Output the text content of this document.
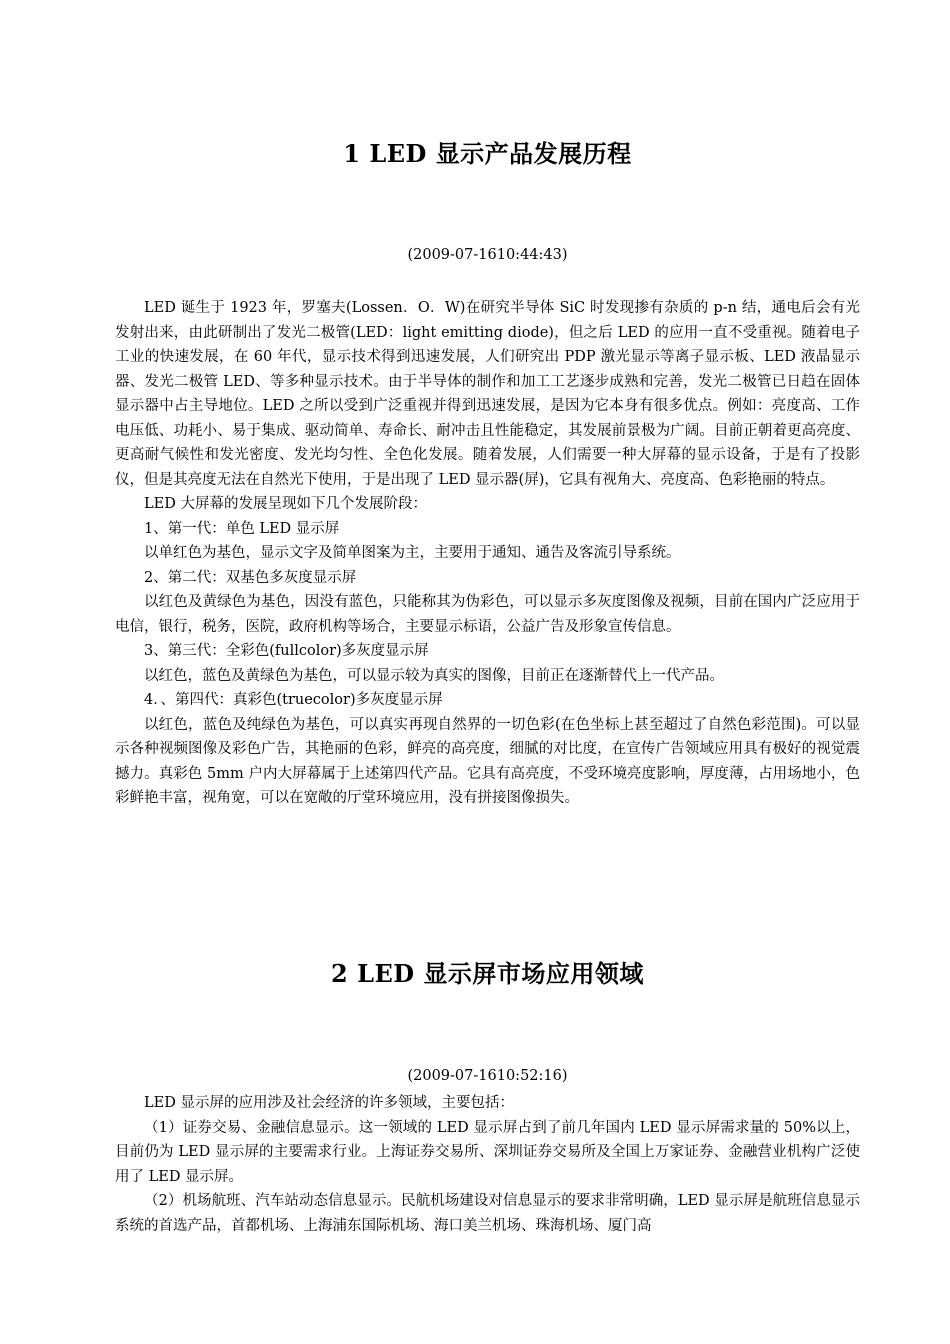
1 LED 显示产品发展历程
(2009-07-1610:44:43)

LED 诞生于 1923 年，罗塞夫(Lossen．O．W)在研究半导体 SiC 时发现掺有杂质的 p-n 结，通电后会有光发射出来，由此研制出了发光二极管(LED：light emitting diode)，但之后 LED 的应用一直不受重视。随着电子工业的快速发展，在 60 年代，显示技术得到迅速发展，人们研究出 PDP 激光显示等离子显示板、LED 液晶显示器、发光二极管 LED、等多种显示技术。由于半导体的制作和加工工艺逐步成熟和完善，发光二极管已日趋在固体显示器中占主导地位。LED 之所以受到广泛重视并得到迅速发展，是因为它本身有很多优点。例如：亮度高、工作电压低、功耗小、易于集成、驱动简单、寿命长、耐冲击且性能稳定，其发展前景极为广阔。目前正朝着更高亮度、更高耐气候性和发光密度、发光均匀性、全色化发展。随着发展，人们需要一种大屏幕的显示设备，于是有了投影仪，但是其亮度无法在自然光下使用，于是出现了 LED 显示器(屏)，它具有视角大、亮度高、色彩艳丽的特点。

LED 大屏幕的发展呈现如下几个发展阶段：

1、第一代：单色 LED 显示屏

以单红色为基色，显示文字及简单图案为主，主要用于通知、通告及客流引导系统。

2、第二代：双基色多灰度显示屏

以红色及黄绿色为基色，因没有蓝色，只能称其为伪彩色，可以显示多灰度图像及视频，目前在国内广泛应用于电信，银行，税务，医院，政府机构等场合，主要显示标语，公益广告及形象宣传信息。

3、第三代：全彩色(fullcolor)多灰度显示屏

以红色，蓝色及黄绿色为基色，可以显示较为真实的图像，目前正在逐渐替代上一代产品。

4．、第四代：真彩色(truecolor)多灰度显示屏

以红色，蓝色及纯绿色为基色，可以真实再现自然界的一切色彩(在色坐标上甚至超过了自然色彩范围)。可以显示各种视频图像及彩色广告，其艳丽的色彩，鲜亮的高亮度，细腻的对比度，在宣传广告领域应用具有极好的视觉震撼力。真彩色 5mm 户内大屏幕属于上述第四代产品。它具有高亮度，不受环境亮度影响，厚度薄，占用场地小，色彩鲜艳丰富，视角宽，可以在宽敞的厅堂环境应用，没有拼接图像损失。

2 LED 显示屏市场应用领域
(2009-07-1610:52:16)

LED 显示屏的应用涉及社会经济的许多领域，主要包括：

（1）证券交易、金融信息显示。这一领域的 LED 显示屏占到了前几年国内 LED 显示屏需求量的 50%以上，目前仍为 LED 显示屏的主要需求行业。上海证券交易所、深圳证券交易所及全国上万家证券、金融营业机构广泛使用了 LED 显示屏。

（2）机场航班、汽车站动态信息显示。民航机场建设对信息显示的要求非常明确，LED 显示屏是航班信息显示系统的首选产品，首都机场、上海浦东国际机场、海口美兰机场、珠海机场、厦门高
